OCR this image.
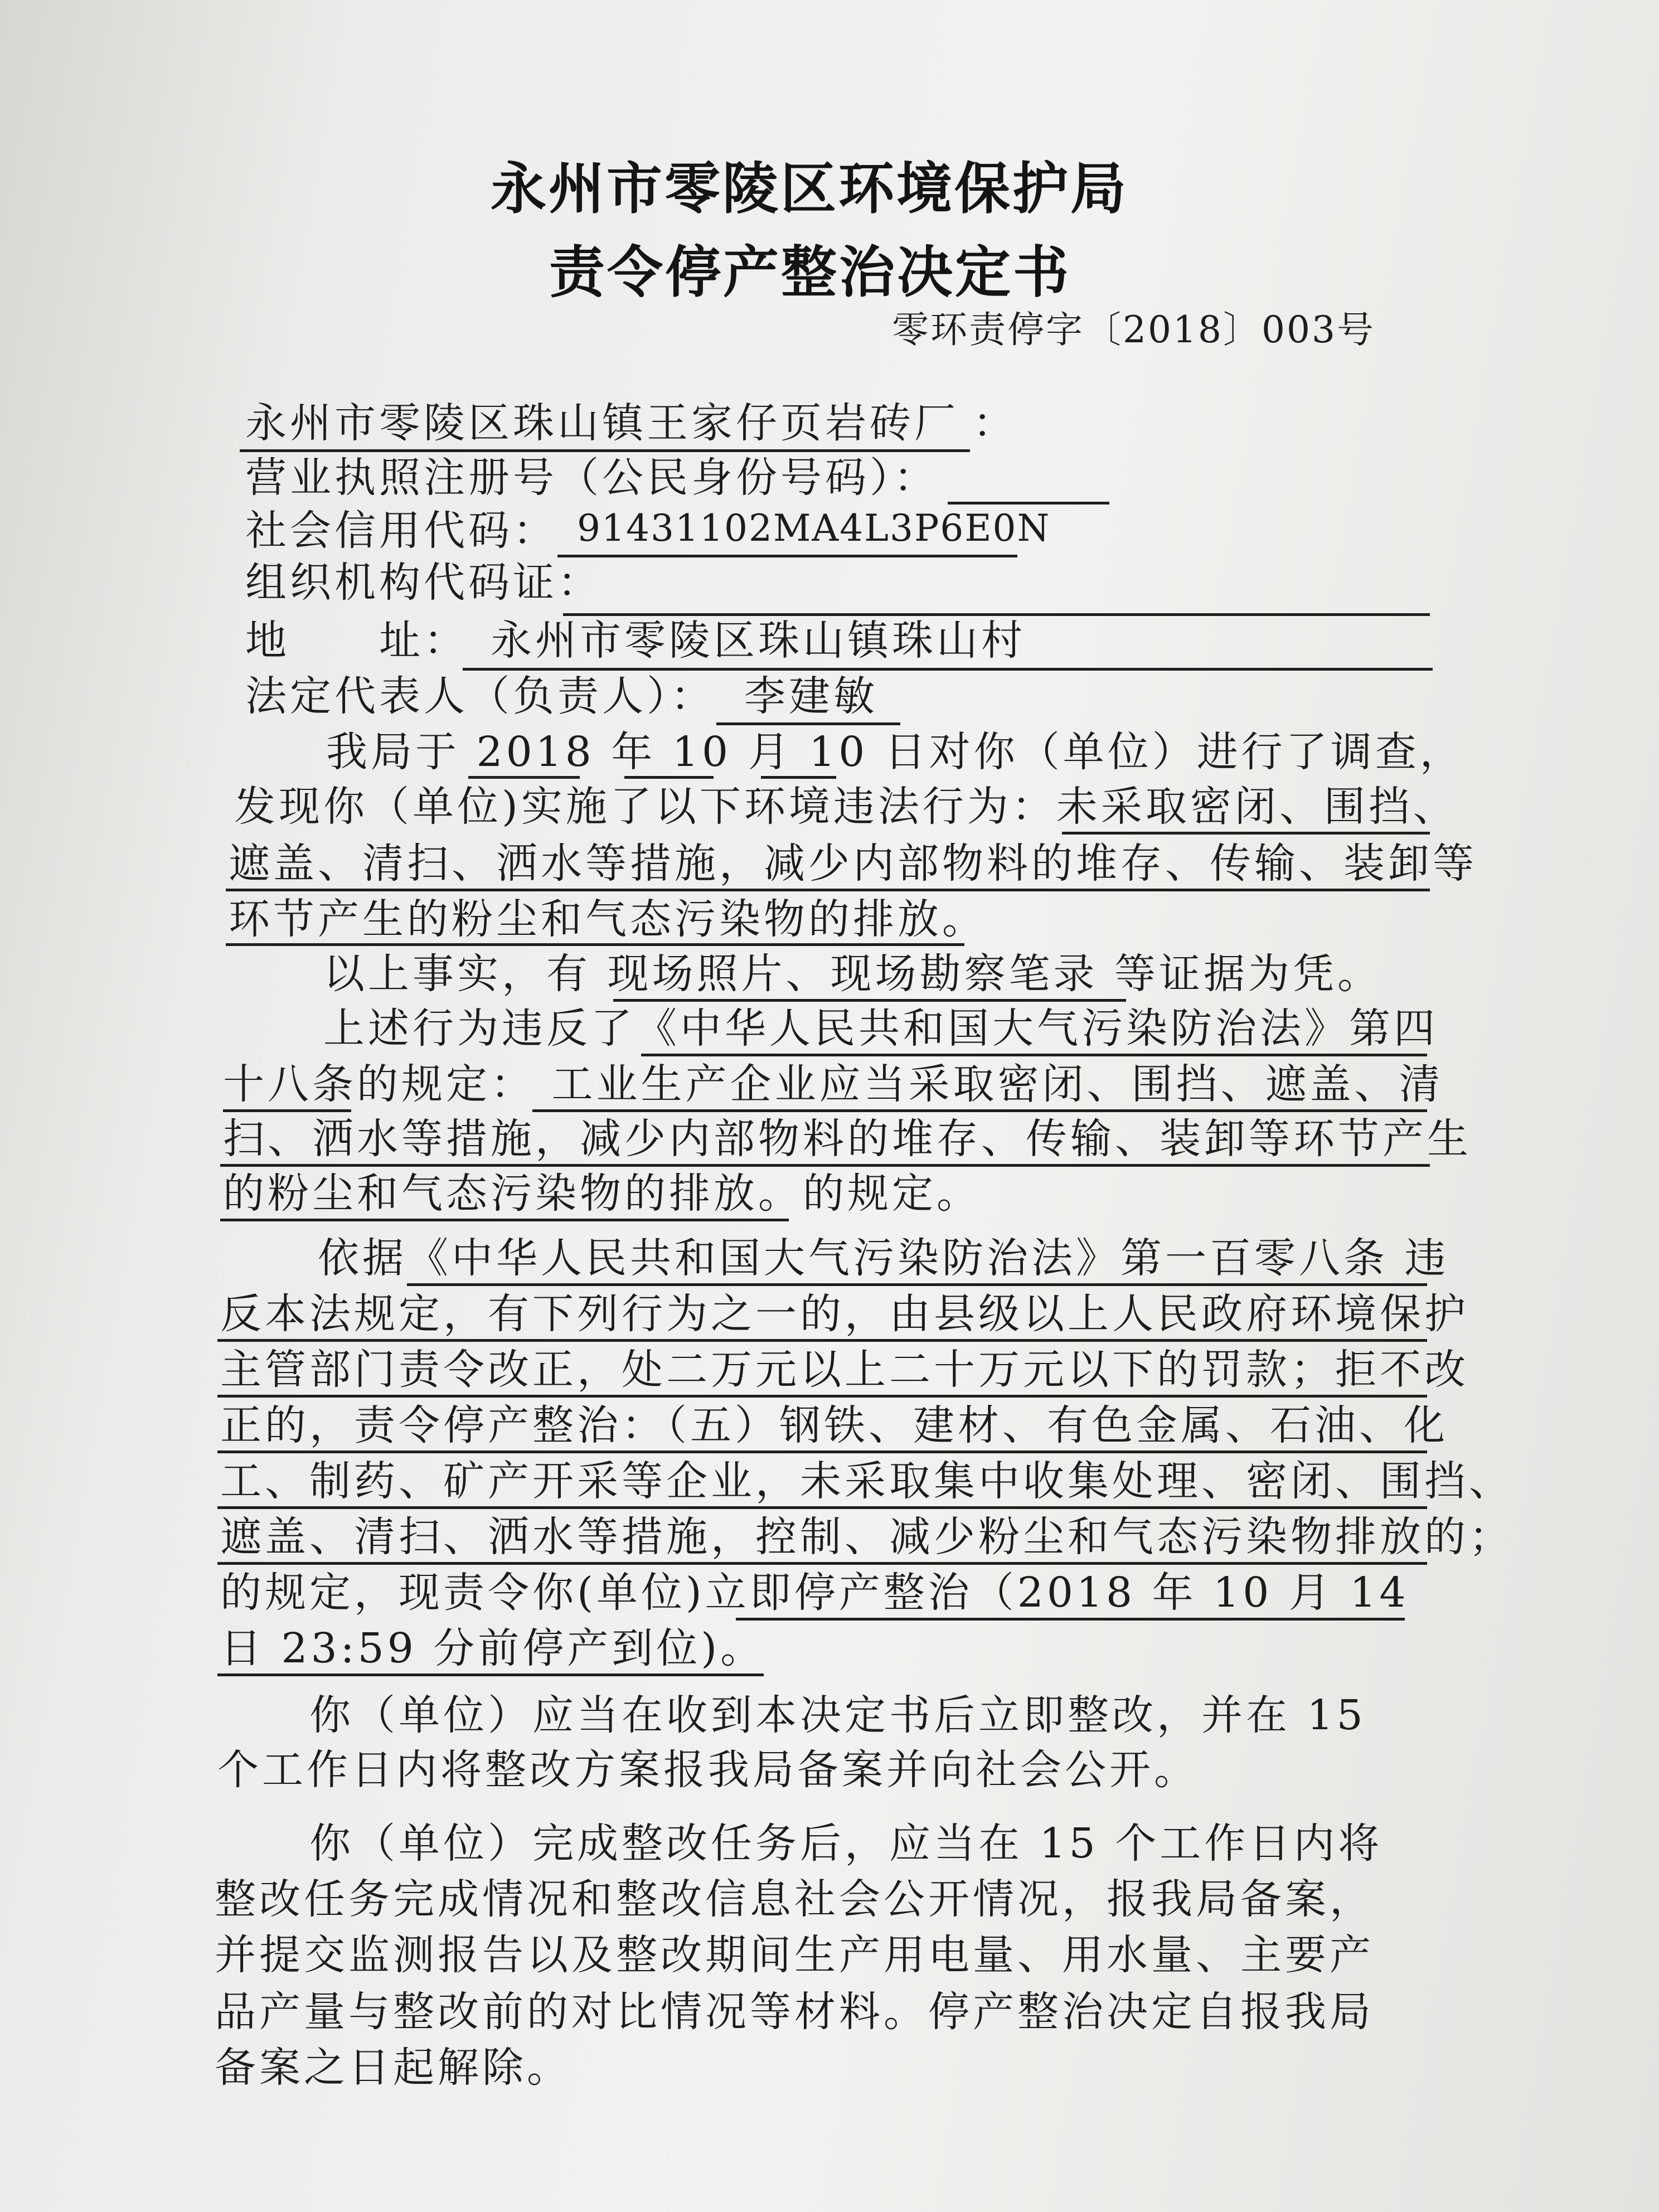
永州市零陵区环境保护局
责令停产整治决定书
零环责停字〔2018〕003号
永州市零陵区珠山镇王家仔页岩砖厂 ：
营业执照注册号（公民身份号码）：
社会信用代码： 91431102MA4L3P6E0N
组织机构代码证：
地　　址： 永州市零陵区珠山镇珠山村
法定代表人（负责人）： 李建敏
我局于 2018 年 10 月 10 日对你（单位）进行了调查，
发现你（单位)实施了以下环境违法行为：未采取密闭、围挡、
遮盖、清扫、洒水等措施，减少内部物料的堆存、传输、装卸等
环节产生的粉尘和气态污染物的排放。
以上事实，有 现场照片、现场勘察笔录 等证据为凭。
上述行为违反了《中华人民共和国大气污染防治法》第四
十八条的规定： 工业生产企业应当采取密闭、围挡、遮盖、清
扫、洒水等措施，减少内部物料的堆存、传输、装卸等环节产生
的粉尘和气态污染物的排放。的规定。
依据《中华人民共和国大气污染防治法》第一百零八条 违
反本法规定，有下列行为之一的，由县级以上人民政府环境保护
主管部门责令改正，处二万元以上二十万元以下的罚款；拒不改
正的，责令停产整治：（五）钢铁、建材、有色金属、石油、化
工、制药、矿产开采等企业，未采取集中收集处理、密闭、围挡、
遮盖、清扫、洒水等措施，控制、减少粉尘和气态污染物排放的；
的规定，现责令你(单位)立即停产整治（2018 年 10 月 14
日 23:59 分前停产到位)。
你（单位）应当在收到本决定书后立即整改，并在 15
个工作日内将整改方案报我局备案并向社会公开。
你（单位）完成整改任务后，应当在 15 个工作日内将
整改任务完成情况和整改信息社会公开情况，报我局备案，
并提交监测报告以及整改期间生产用电量、用水量、主要产
品产量与整改前的对比情况等材料。停产整治决定自报我局
备案之日起解除。
